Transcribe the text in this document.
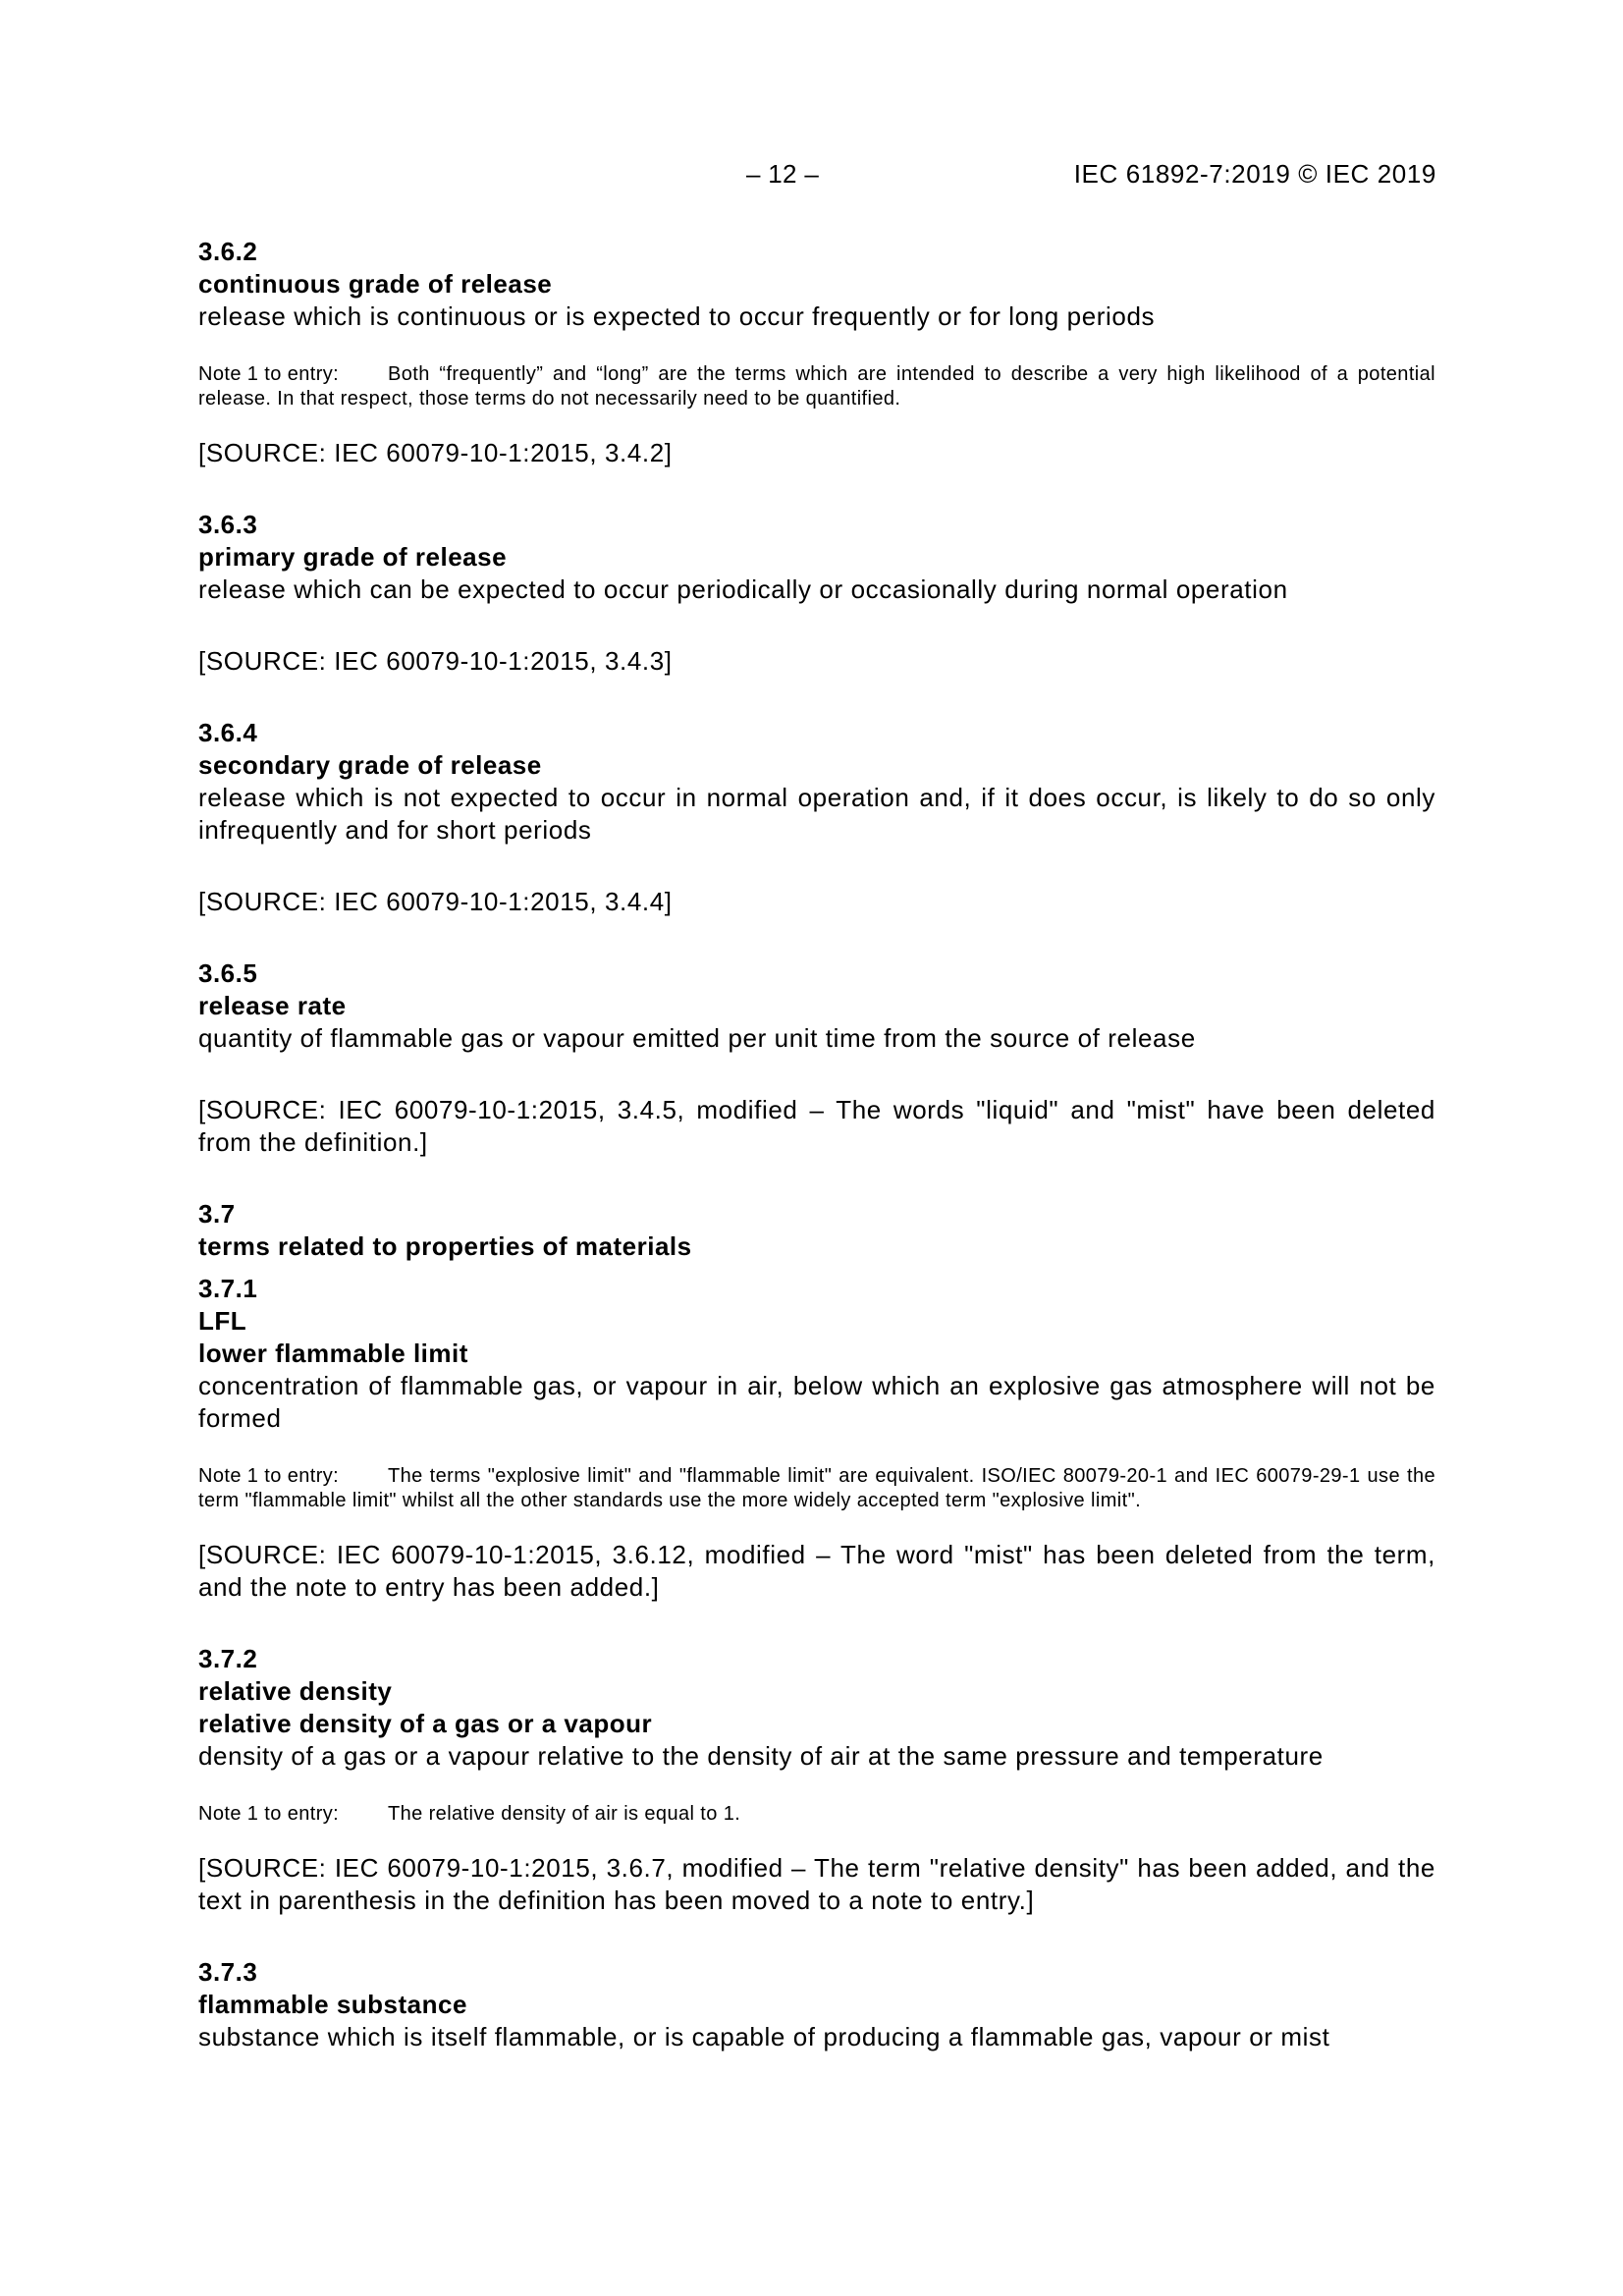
– 12 –	IEC 61892-7:2019 © IEC 2019
3.6.2
continuous grade of release
release which is continuous or is expected to occur frequently or for long periods
Note 1 to entry: Both “frequently” and “long” are the terms which are intended to describe a very high likelihood of a potential release. In that respect, those terms do not necessarily need to be quantified.
[SOURCE: IEC 60079-10-1:2015, 3.4.2]
3.6.3
primary grade of release
release which can be expected to occur periodically or occasionally during normal operation
[SOURCE: IEC 60079-10-1:2015, 3.4.3]
3.6.4
secondary grade of release
release which is not expected to occur in normal operation and, if it does occur, is likely to do so only infrequently and for short periods
[SOURCE: IEC 60079-10-1:2015, 3.4.4]
3.6.5
release rate
quantity of flammable gas or vapour emitted per unit time from the source of release
[SOURCE: IEC 60079-10-1:2015, 3.4.5, modified – The words "liquid" and "mist" have been deleted from the definition.]
3.7
terms related to properties of materials
3.7.1
LFL
lower flammable limit
concentration of flammable gas, or vapour in air, below which an explosive gas atmosphere will not be formed
Note 1 to entry: The terms "explosive limit" and "flammable limit" are equivalent. ISO/IEC 80079-20-1 and IEC 60079-29-1 use the term "flammable limit" whilst all the other standards use the more widely accepted term "explosive limit".
[SOURCE: IEC 60079-10-1:2015, 3.6.12, modified – The word "mist" has been deleted from the term, and the note to entry has been added.]
3.7.2
relative density
relative density of a gas or a vapour
density of a gas or a vapour relative to the density of air at the same pressure and temperature
Note 1 to entry: The relative density of air is equal to 1.
[SOURCE: IEC 60079-10-1:2015, 3.6.7, modified – The term "relative density" has been added, and the text in parenthesis in the definition has been moved to a note to entry.]
3.7.3
flammable substance
substance which is itself flammable, or is capable of producing a flammable gas, vapour or mist
